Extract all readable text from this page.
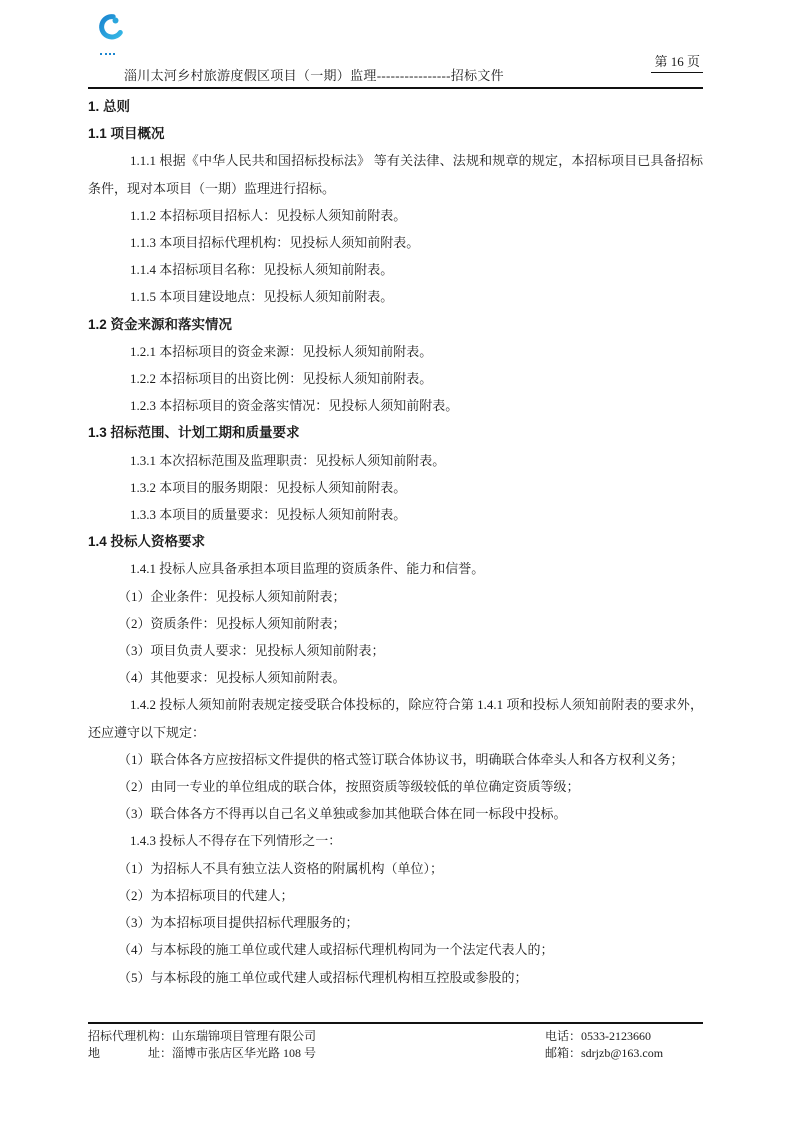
淄川太河乡村旅游度假区项目（一期）监理----------------招标文件
第 16 页

1. 总则

1.1 项目概况

1.1.1 根据《中华人民共和国招标投标法》 等有关法律、法规和规章的规定，本招标项目已具备招标条件，现对本项目（一期）监理进行招标。

1.1.2 本招标项目招标人：见投标人须知前附表。

1.1.3 本项目招标代理机构：见投标人须知前附表。

1.1.4 本招标项目名称：见投标人须知前附表。

1.1.5 本项目建设地点：见投标人须知前附表。

1.2 资金来源和落实情况

1.2.1 本招标项目的资金来源：见投标人须知前附表。

1.2.2 本招标项目的出资比例：见投标人须知前附表。

1.2.3 本招标项目的资金落实情况：见投标人须知前附表。

1.3 招标范围、计划工期和质量要求

1.3.1 本次招标范围及监理职责：见投标人须知前附表。

1.3.2 本项目的服务期限：见投标人须知前附表。

1.3.3 本项目的质量要求：见投标人须知前附表。

1.4 投标人资格要求

1.4.1 投标人应具备承担本项目监理的资质条件、能力和信誉。

（1）企业条件：见投标人须知前附表；

（2）资质条件：见投标人须知前附表；

（3）项目负责人要求：见投标人须知前附表；

（4）其他要求：见投标人须知前附表。

1.4.2 投标人须知前附表规定接受联合体投标的，除应符合第 1.4.1 项和投标人须知前附表的要求外，还应遵守以下规定：

（1）联合体各方应按招标文件提供的格式签订联合体协议书，明确联合体牵头人和各方权利义务；

（2）由同一专业的单位组成的联合体，按照资质等级较低的单位确定资质等级；

（3）联合体各方不得再以自己名义单独或参加其他联合体在同一标段中投标。

1.4.3 投标人不得存在下列情形之一：

（1）为招标人不具有独立法人资格的附属机构（单位）；

（2）为本招标项目的代建人；

（3）为本招标项目提供招标代理服务的；

（4）与本标段的施工单位或代建人或招标代理机构同为一个法定代表人的；

（5）与本标段的施工单位或代建人或招标代理机构相互控股或参股的；

招标代理机构：山东瑞锦项目管理有限公司
地　　　　址：淄博市张店区华光路 108 号
电话：0533-2123660
邮箱：sdrjzb@163.com
